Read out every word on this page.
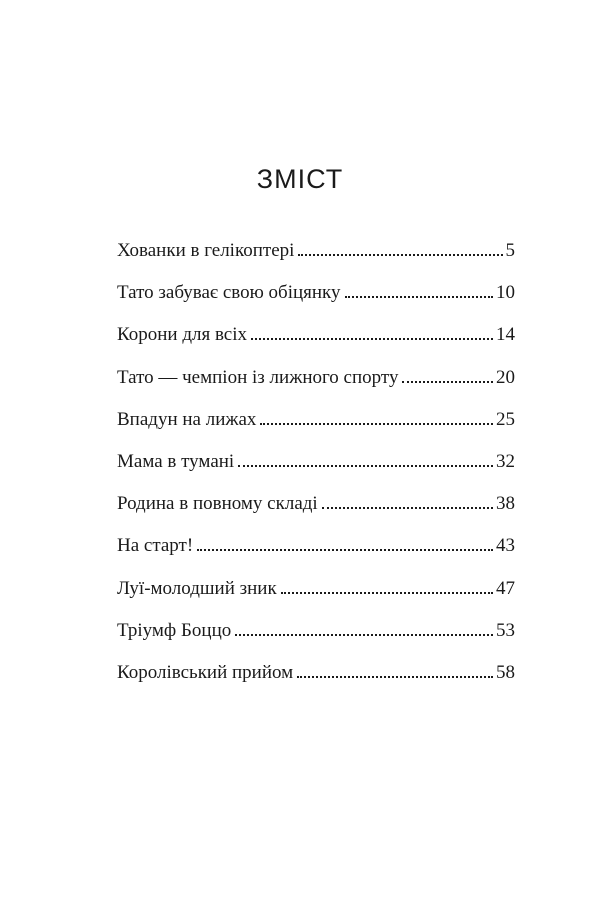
ЗМІСТ
Хованки в гелікоптері	5
Тато забуває свою обіцянку	10
Корони для всіх	14
Тато — чемпіон із лижного спорту	20
Впадун на лижах	25
Мама в тумані	32
Родина в повному складі	38
На старт!	43
Луї-молодший зник	47
Тріумф Боццо	53
Королівський прийом	58
